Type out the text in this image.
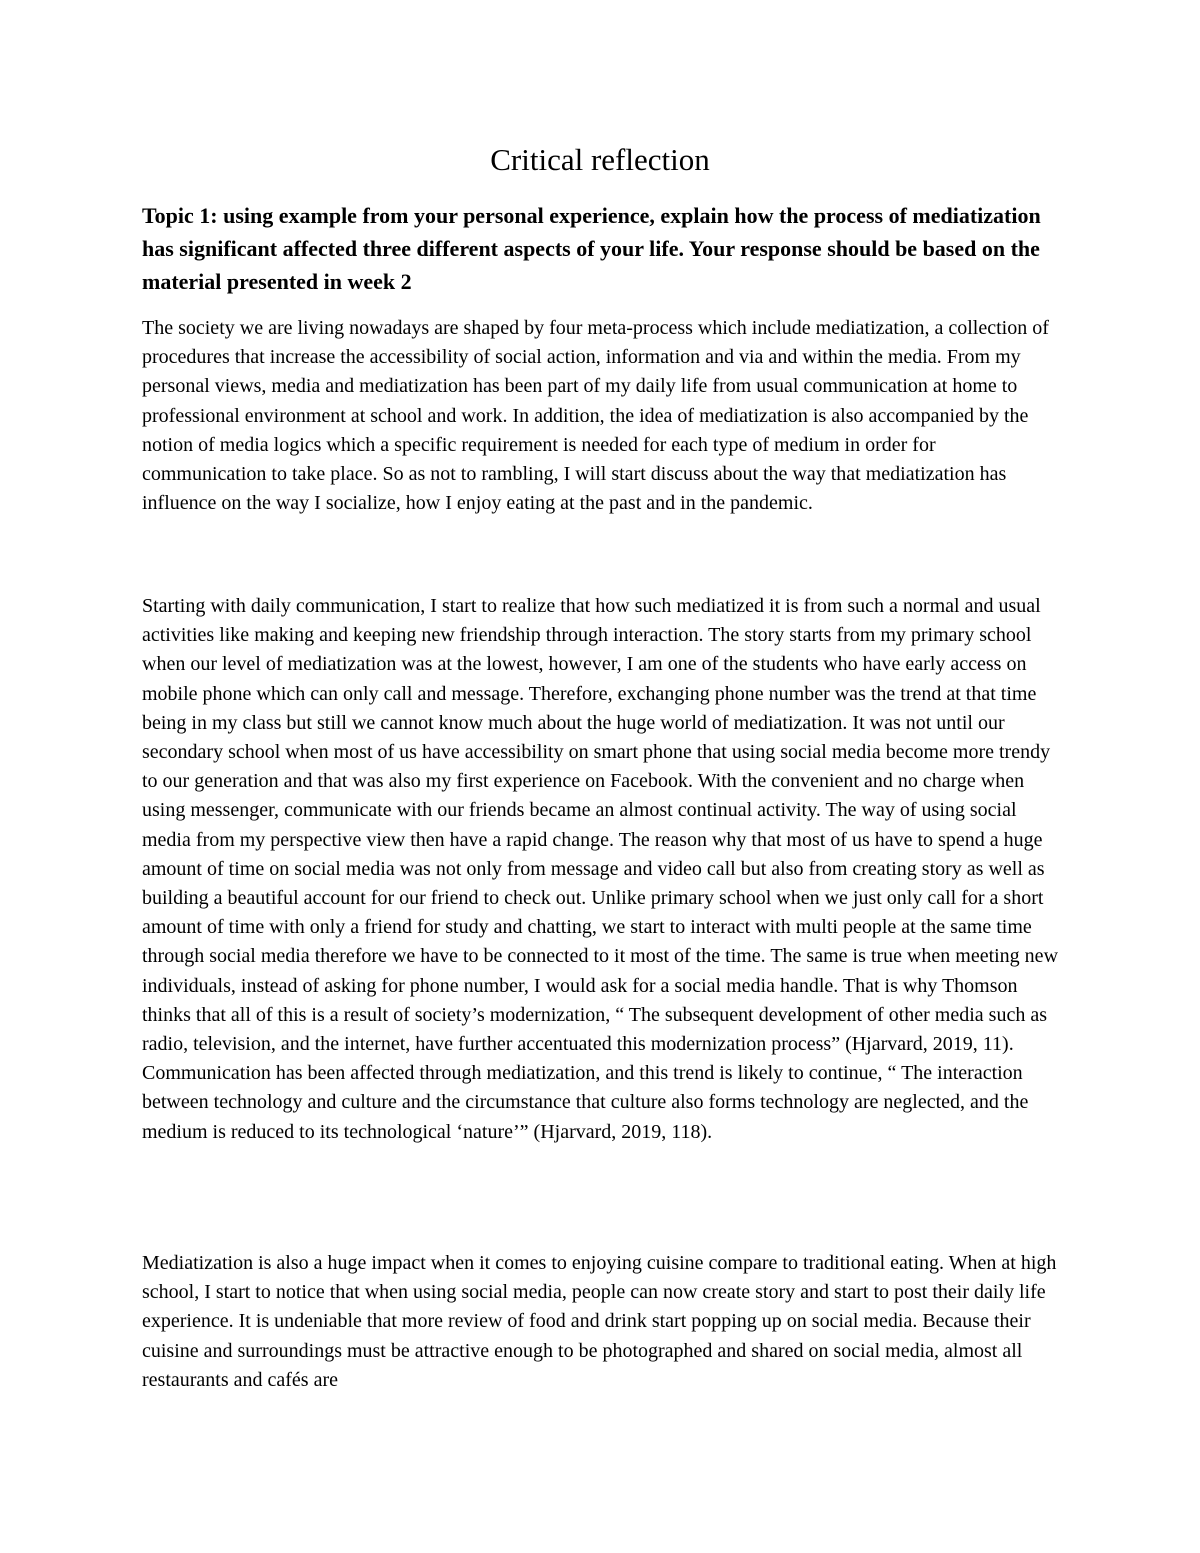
Critical reflection

Topic 1: using example from your personal experience, explain how the process of mediatization has significant affected three different aspects of your life. Your response should be based on the material presented in week 2

The society we are living nowadays are shaped by four meta-process which include mediatization, a collection of procedures that increase the accessibility of social action, information and via and within the media. From my personal views, media and mediatization has been part of my daily life from usual communication at home to professional environment at school and work. In addition, the idea of mediatization is also accompanied by the notion of media logics which a specific requirement is needed for each type of medium in order for communication to take place. So as not to rambling, I will start discuss about the way that mediatization has influence on the way I socialize, how I enjoy eating at the past and in the pandemic.

Starting with daily communication, I start to realize that how such mediatized it is from such a normal and usual activities like making and keeping new friendship through interaction. The story starts from my primary school when our level of mediatization was at the lowest, however, I am one of the students who have early access on mobile phone which can only call and message. Therefore, exchanging phone number was the trend at that time being in my class but still we cannot know much about the huge world of mediatization. It was not until our secondary school when most of us have accessibility on smart phone that using social media become more trendy to our generation and that was also my first experience on Facebook. With the convenient and no charge when using messenger, communicate with our friends became an almost continual activity. The way of using social media from my perspective view then have a rapid change. The reason why that most of us have to spend a huge amount of time on social media was not only from message and video call but also from creating story as well as building a beautiful account for our friend to check out. Unlike primary school when we just only call for a short amount of time with only a friend for study and chatting, we start to interact with multi people at the same time through social media therefore we have to be connected to it most of the time. The same is true when meeting new individuals, instead of asking for phone number, I would ask for a social media handle. That is why Thomson thinks that all of this is a result of society’s modernization, “ The subsequent development of other media such as radio, television, and the internet, have further accentuated this modernization process” (Hjarvard, 2019, 11). Communication has been affected through mediatization, and this trend is likely to continue, “ The interaction between technology and culture and the circumstance that culture also forms technology are neglected, and the medium is reduced to its technological ‘nature’” (Hjarvard, 2019, 118).

Mediatization is also a huge impact when it comes to enjoying cuisine compare to traditional eating. When at high school, I start to notice that when using social media, people can now create story and start to post their daily life experience. It is undeniable that more review of food and drink start popping up on social media. Because their cuisine and surroundings must be attractive enough to be photographed and shared on social media, almost all restaurants and cafés are
